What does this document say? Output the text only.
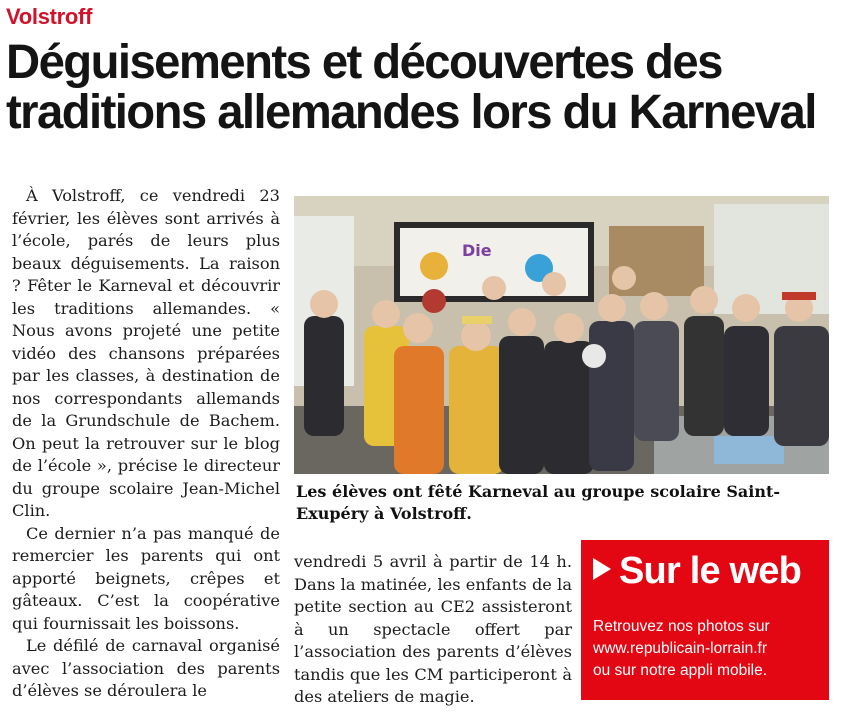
Volstroff
Déguisements et découvertes des
traditions allemandes lors du Karneval

À Volstroff, ce vendredi 23 février, les élèves sont arrivés à l’école, parés de leurs plus beaux déguisements. La raison ? Fêter le Karneval et découvrir les traditions allemandes. « Nous avons projeté une petite vidéo des chansons préparées par les classes, à destination de nos correspondants allemands de la Grundschule de Bachem. On peut la retrouver sur le blog de l’école », précise le directeur du groupe scolaire Jean-Michel Clin.

Ce dernier n’a pas manqué de remercier les parents qui ont apporté beignets, crêpes et gâteaux. C’est la coopérative qui fournissait les boissons.

Le défilé de carnaval organisé avec l’association des parents d’élèves se déroulera le

Die
Les élèves ont fêté Karneval au groupe scolaire Saint-Exupéry à Volstroff.

vendredi 5 avril à partir de 14 h. Dans la matinée, les enfants de la petite section au CE2 assisteront à un spectacle offert par l’association des parents d’élèves tandis que les CM participeront à des ateliers de magie.

Sur le web
Retrouvez nos photos sur
www.republicain-lorrain.fr
ou sur notre appli mobile.
